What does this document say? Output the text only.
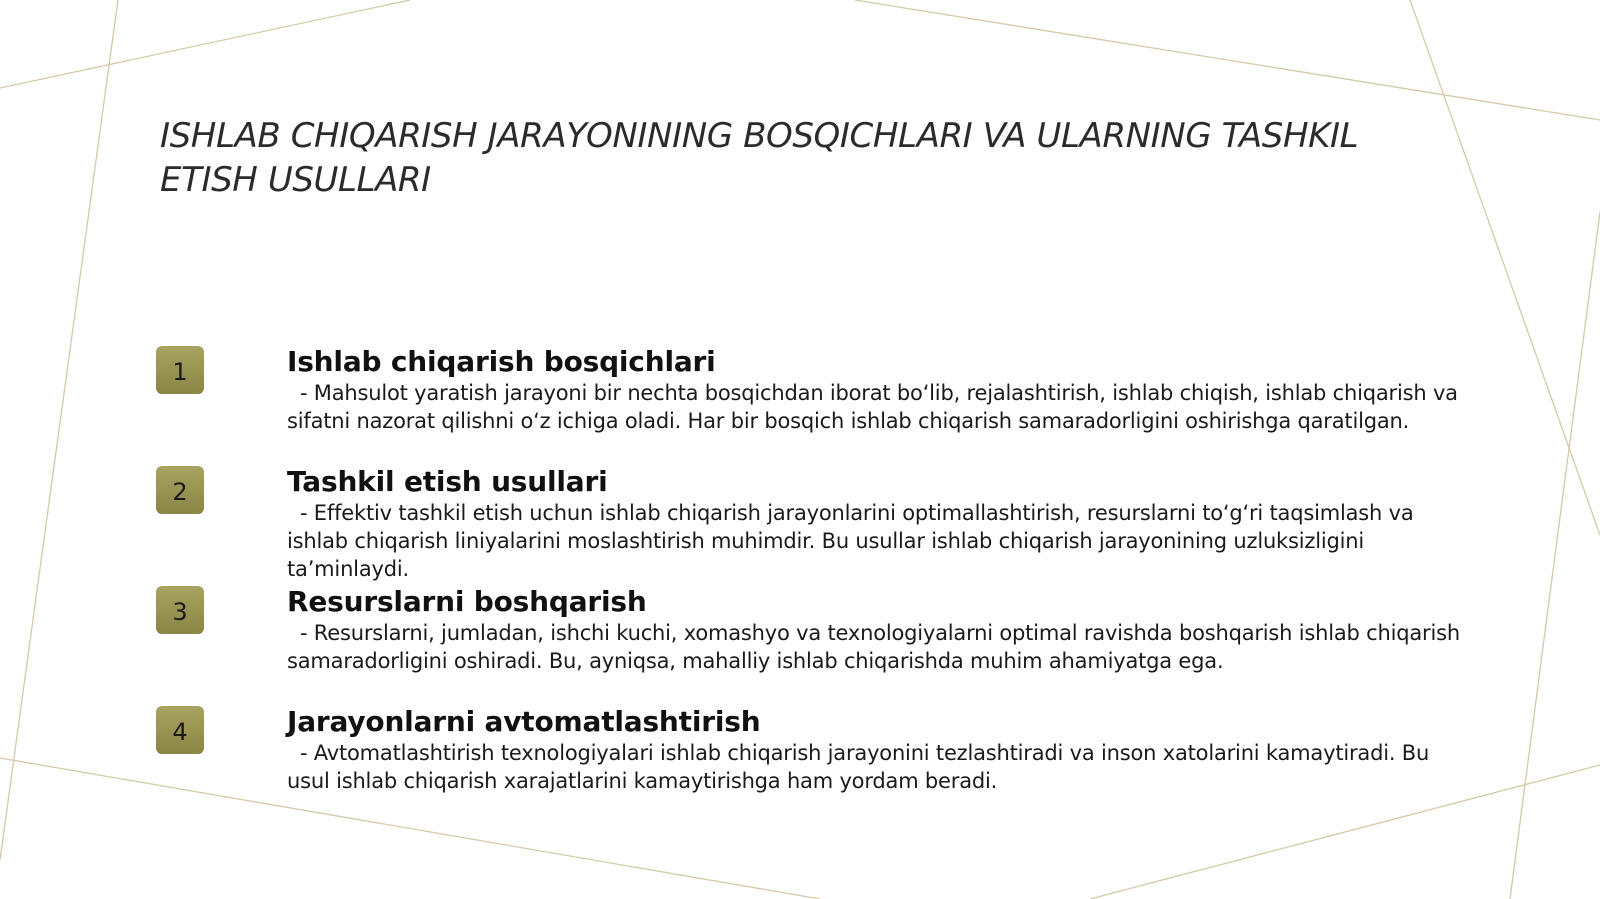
ISHLAB CHIQARISH JARAYONINING BOSQICHLARI VA ULARNING TASHKIL ETISH USULLARI
1	Ishlab chiqarish bosqichlari

- Mahsulot yaratish jarayoni bir nechta bosqichdan iborat bo‘lib, rejalashtirish, ishlab chiqish, ishlab chiqarish va sifatni nazorat qilishni o‘z ichiga oladi. Har bir bosqich ishlab chiqarish samaradorligini oshirishga qaratilgan.

2	Tashkil etish usullari

- Effektiv tashkil etish uchun ishlab chiqarish jarayonlarini optimallashtirish, resurslarni to‘g‘ri taqsimlash va ishlab chiqarish liniyalarini moslashtirish muhimdir. Bu usullar ishlab chiqarish jarayonining uzluksizligini ta’minlaydi.

3	Resurslarni boshqarish

- Resurslarni, jumladan, ishchi kuchi, xomashyo va texnologiyalarni optimal ravishda boshqarish ishlab chiqarish samaradorligini oshiradi. Bu, ayniqsa, mahalliy ishlab chiqarishda muhim ahamiyatga ega.

4	Jarayonlarni avtomatlashtirish

- Avtomatlashtirish texnologiyalari ishlab chiqarish jarayonini tezlashtiradi va inson xatolarini kamaytiradi. Bu usul ishlab chiqarish xarajatlarini kamaytirishga ham yordam beradi.
